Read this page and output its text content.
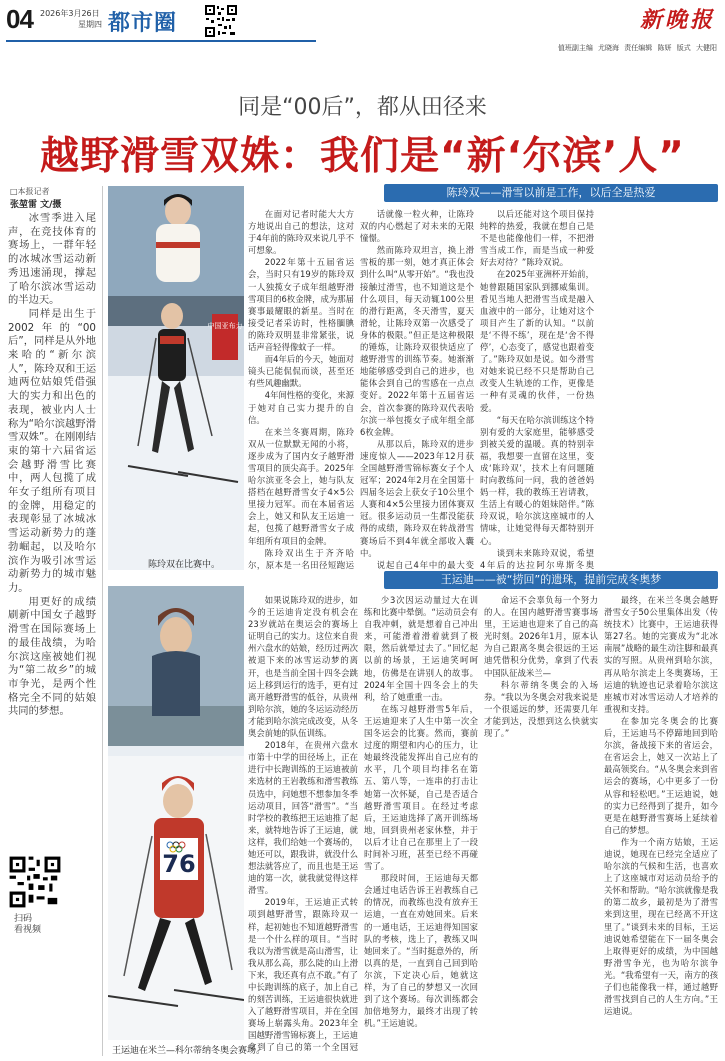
04 2026年3月26日
星期四 都市圈	新晚报
值班副主编 尤晓海 责任编辑 陈妍 版式 大健阳
同是“00后”，都从田径来
越野滑雪双姝：我们是“新‘尔滨’人”
□本报记者
张堃雷 文/摄

冰雪季进入尾声，在竞技体育的赛场上，一群年轻的冰城冰雪运动新秀迅速涌现，撑起了哈尔滨冰雪运动的半边天。

同样是出生于2002年的“00后”，同样是从外地来哈的“新尔滨人”，陈玲双和王运迪两位姑娘凭借强大的实力和出色的表现，被业内人士称为“哈尔滨越野滑雪双姝”。在刚刚结束的第十六届省运会越野滑雪比赛中，两人包揽了成年女子组所有项目的金牌，用稳定的表现彰显了冰城冰雪运动新势力的蓬勃崛起，以及哈尔滨作为吸引冰雪运动新势力的城市魅力。

用更好的成绩刷新中国女子越野滑雪在国际赛场上的最佳战绩，为哈尔滨这座被她们视为“第二故乡”的城市争光，是两个性格完全不同的姑娘共同的梦想。

扫码
看视频
陈玲双——滑雪以前是工作，以后全是热爱
中国亚布力
陈玲双在比赛中。

在面对记者时能大大方方地说出自己的想法，这对于4年前的陈玲双来说几乎不可想象。

2022年第十五届省运会，当时只有19岁的陈玲双一人独揽女子成年组越野滑雪项目的6枚金牌，成为那届赛事最耀眼的新星。当时在接受记者采访时，性格腼腆的陈玲双明显非常紧张，说话声音轻得像蚊子一样。

而4年后的今天，她面对镜头已能侃侃而谈，甚至还有些风趣幽默。

4年间性格的变化，来源于她对自己实力提升的自信。

在来兰冬赛周期，陈玲双从一位默默无闻的小将，逐步成为了国内女子越野滑雪项目的顶尖高手。2025年哈尔滨亚冬会上，她与队友搭档在越野滑雪女子4×5公里接力冠军。而在本届省运会上，她又和队友王运迪一起，包揽了越野滑雪女子成年组所有项目的金牌。

陈玲双出生于齐齐哈尔，原本是一名田径短跑运

话就像一粒火种，让陈玲双的内心燃起了对未来的无限憧憬。

然而陈玲双坦言，换上滑雪板的那一刻，她才真正体会到什么叫“从零开始”。“我也没接触过滑雪，也不知道这是个什么项目，每天动辄100公里的滑行距离，冬天滑雪，夏天滑轮，让陈玲双第一次感受了身体的极限。”但正是这种极限的锤炼，让陈玲双很快适应了越野滑雪的训练节奏。她渐渐地能够感受到自己的进步，也能体会到自己的雪感在一点点变好。2022年第十五届省运会，首次参赛的陈玲双代表哈尔滨一举包揽女子成年组全部6枚金牌。

从那以后，陈玲双的进步速度惊人——2023年12月获全国越野滑雪锦标赛女子个人冠军；2024年2月在全国第十四届冬运会上获女子10公里个人赛和4×5公里接力团体赛双冠。很多运动员一生都没能获得的成绩，陈玲双在转战滑雪赛场后不到4年就全部收入囊中。

说起自己4年中的最大变

以后还能对这个项目保持纯粹的热爱，我就在想自己是不是也能像他们一样，不把滑雪当成工作，而是当成一种爱好去对待？”陈玲双说。

在2025年亚洲杯开始前，她曾跟随国家队到挪威集训。看见当地人把滑雪当成是融入血液中的一部分，让她对这个项目产生了新的认知。“以前是‘不得不练’，现在是‘舍不得停’，心态变了，感觉也跟着变了。”陈玲双如是说。如今滑雪对她来说已经不只是帮助自己改变人生轨迹的工作，更像是一种有灵魂的伙伴，一份热爱。

“每天在哈尔滨训练这个特别有爱的大家庭里，能够感受到被关爱的温暖。真的特别幸福，我想要一直留在这里，变成‘陈玲双’，技术上有问题随时向教练问一问，我的爸爸妈妈一样，我的教练王岩请教，生活上有暖心的姐妹陪伴。”陈玲双说，哈尔滨这座城市的人情味，让她觉得每天都特别开心。

谈到未来陈玲双说，希望4年后的达拉阿尔卑斯冬奥

王运迪——被“捞回”的遗珠，提前完成冬奥梦
76
王运迪在米兰—科尔蒂纳冬奥会赛场。

如果说陈玲双的进步，如今的王运迪肯定没有机会在23岁就站在奥运会的赛场上证明自己的实力。这位来自贵州六盘水的姑娘，经历过两次被退下来的冰雪运动梦的离开，也是当前全国十四冬会跳运上移到运行的选手，更有过离开越野滑雪的低谷，从贵州到哈尔滨，她的冬运运动经历才能到哈尔滨完成改变，从冬奥会前她的队伍训练。

2018年，在贵州六盘水市第十中学的田径场上，正在进行中长跑训练的王运迪被前来选材的王岩教练和滑雪教练员选中，问她想不想参加冬季运动项目，回答“滑雪”。“当时学校的教练把王运迪推了起来，就特地告诉了王运迪，就这样，我们给她一个赛场的，她还可以，跟我讲，就没什么想法就答应了，而且也是王运迪的第一次，就我就觉得这样滑雪。

2019年，王运迪正式转项到越野滑雪，跟陈玲双一样，起初她也不知道越野滑雪是一个什么样的项目。“当时我以为滑雪就是高山滑雪，让我从那么高，那么陡的山上滑下来，我还真有点不敢。”有了中长跑训练的底子，加上自己的刻苦训练，王运迪很快就进入了越野滑雪项目，并在全国赛场上崭露头角。2023年全国越野滑雪锦标赛上，王运迪拿到了自己的第一个全国冠

少3次因运动量过大在训练和比赛中晕倒。“运动员会有自我冲刺，就是想着自己冲出来，可能滑着滑着就到了极限，然后就晕过去了。”回忆起以前的场景，王运迪笑呵呵地，仿佛是在讲别人的故事。2024年全国十四冬会上的失利，给了她重重一击。

在练习越野滑雪5年后，王运迪迎来了人生中第一次全国冬运会的比赛。然而，赛前过度的期望和内心的压力，让她最终没能发挥出自己应有的水平，几个项目均排名在第五、第八等，一连串的打击让她第一次怀疑，自己是否适合越野滑雪项目。在经过考虑后，王运迪选择了离开训练场地，回到贵州老家休整，并于以后才让自己在那里上了一段时间补习班，甚至已经不再碰雪了。

那段时间，王运迪每天都会通过电话告诉王岩教练自己的情况，而教练也没有放弃王运迪，一直在劝她回来。后来的一通电话，王运迪得知国家队的考核，选上了，教练又叫她回来了。“当时挺意外的，所以真的是，一直到自己回到哈尔滨，下定决心后，她就这样，为了自己的梦想又一次回到了这个赛场。每次训练都会加倍地努力，最终才出现了转机。”王运迪说。

命运不会辜负每一个努力的人。在国内越野滑雪赛事场里，王运迪也迎来了自己的高光时刻。2026年1月，原本认为自己跟离冬奥会很远的王运迪凭借积分优势，拿到了代表中国队征战米兰—

科尔蒂纳冬奥会的入场券。“我以为冬奥会对我来说是一个很遥远的梦，还需要几年才能到达，没想到这么快就实现了。”

最终，在米兰冬奥会越野滑雪女子50公里集体出发（传统技术）比赛中，王运迪获得第27名。她的完赛成为“北冰南展”战略的最生动注脚和最真实的写照。从贵州到哈尔滨，再从哈尔滨走上冬奥赛场，王运迪的轨迹也记录着哈尔滨这座城市对冰雪运动人才培养的重视和支持。

在参加完冬奥会的比赛后，王运迪马不停蹄地回到哈尔滨，备战接下来的省运会，在省运会上，她又一次站上了最高领奖台。“从冬奥会来到省运会的赛场，心中更多了一份从容和轻松吧。”王运迪说，她的实力已经得到了提升，如今更是在越野滑雪赛场上延续着自己的梦想。

作为一个南方姑娘，王运迪说，她现在已经完全适应了哈尔滨的气候和生活，也喜欢上了这座城市对运动员给予的关怀和帮助。“哈尔滨就像是我的第二故乡，最初是为了滑雪来到这里，现在已经离不开这里了。”谈到未来的目标，王运迪说她希望能在下一届冬奥会上取得更好的成绩，为中国越野滑雪争光，也为哈尔滨争光。“我希望有一天，南方的孩子们也能像我一样，通过越野滑雪找到自己的人生方向。”王运迪说。
